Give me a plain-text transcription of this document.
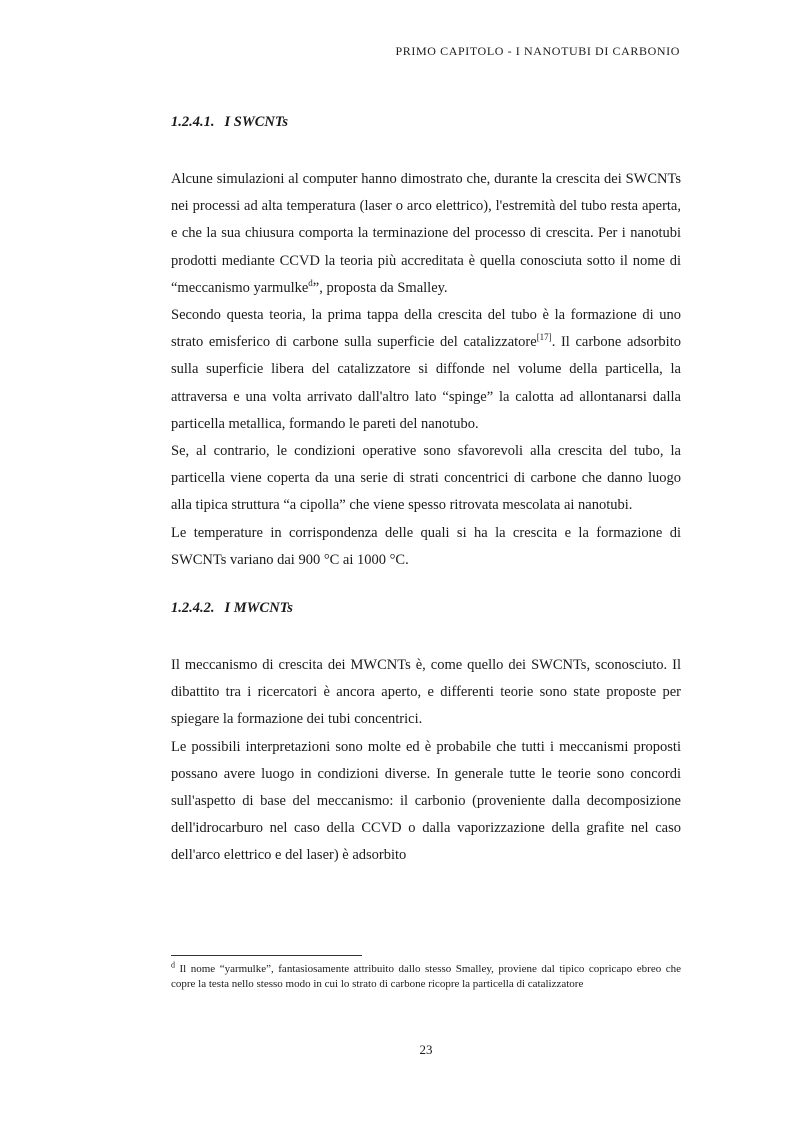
PRIMO CAPITOLO - I NANOTUBI DI CARBONIO
1.2.4.1. I SWCNTs

Alcune simulazioni al computer hanno dimostrato che, durante la crescita dei SWCNTs nei processi ad alta temperatura (laser o arco elettrico), l'estremità del tubo resta aperta, e che la sua chiusura comporta la terminazione del processo di crescita. Per i nanotubi prodotti mediante CCVD la teoria più accreditata è quella conosciuta sotto il nome di “meccanismo yarmulke$^d$”, proposta da Smalley.

Secondo questa teoria, la prima tappa della crescita del tubo è la formazione di uno strato emisferico di carbone sulla superficie del catalizzatore[17]. Il carbone adsorbito sulla superficie libera del catalizzatore si diffonde nel volume della particella, la attraversa e una volta arrivato dall'altro lato “spinge” la calotta ad allontanarsi dalla particella metallica, formando le pareti del nanotubo.

Se, al contrario, le condizioni operative sono sfavorevoli alla crescita del tubo, la particella viene coperta da una serie di strati concentrici di carbone che danno luogo alla tipica struttura “a cipolla” che viene spesso ritrovata mescolata ai nanotubi.

Le temperature in corrispondenza delle quali si ha la crescita e la formazione di SWCNTs variano dai 900 °C ai 1000 °C.

1.2.4.2. I MWCNTs

Il meccanismo di crescita dei MWCNTs è, come quello dei SWCNTs, sconosciuto. Il dibattito tra i ricercatori è ancora aperto, e differenti teorie sono state proposte per spiegare la formazione dei tubi concentrici.

Le possibili interpretazioni sono molte ed è probabile che tutti i meccanismi proposti possano avere luogo in condizioni diverse. In generale tutte le teorie sono concordi sull'aspetto di base del meccanismo: il carbonio (proveniente dalla decomposizione dell'idrocarburo nel caso della CCVD o dalla vaporizzazione della grafite nel caso dell'arco elettrico e del laser) è adsorbito

$^d$ Il nome “yarmulke”, fantasiosamente attribuito dallo stesso Smalley, proviene dal tipico copricapo ebreo che copre la testa nello stesso modo in cui lo strato di carbone ricopre la particella di catalizzatore
23
